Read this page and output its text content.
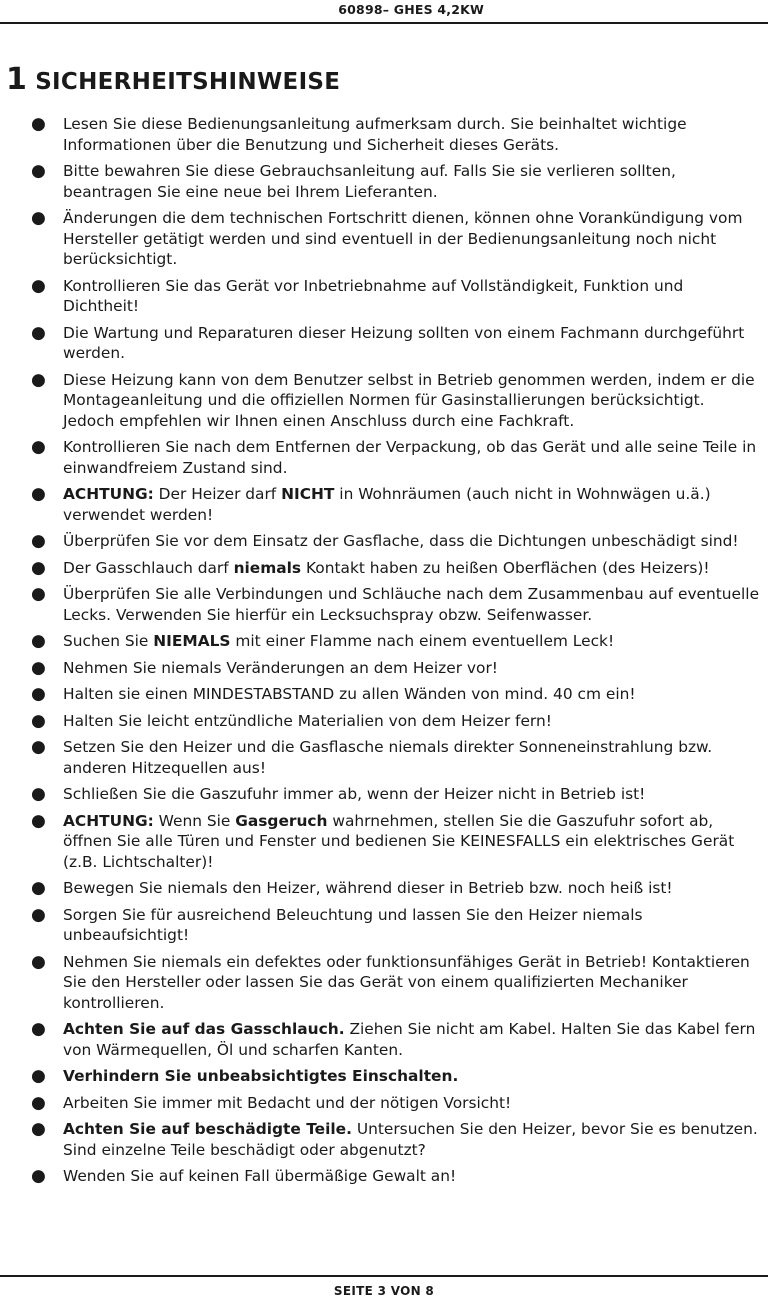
60898– GHES 4,2KW
1 SICHERHEITSHINWEISE
● Lesen Sie diese Bedienungsanleitung aufmerksam durch. Sie beinhaltet wichtige Informationen über die Benutzung und Sicherheit dieses Geräts.
● Bitte bewahren Sie diese Gebrauchsanleitung auf. Falls Sie sie verlieren sollten, beantragen Sie eine neue bei Ihrem Lieferanten.
● Änderungen die dem technischen Fortschritt dienen, können ohne Vorankündigung vom Hersteller getätigt werden und sind eventuell in der Bedienungsanleitung noch nicht berücksichtigt.
● Kontrollieren Sie das Gerät vor Inbetriebnahme auf Vollständigkeit, Funktion und Dichtheit!
● Die Wartung und Reparaturen dieser Heizung sollten von einem Fachmann durchgeführt werden.
● Diese Heizung kann von dem Benutzer selbst in Betrieb genommen werden, indem er die Montageanleitung und die offiziellen Normen für Gasinstallierungen berücksichtigt. Jedoch empfehlen wir Ihnen einen Anschluss durch eine Fachkraft.
● Kontrollieren Sie nach dem Entfernen der Verpackung, ob das Gerät und alle seine Teile in einwandfreiem Zustand sind.
● ACHTUNG: Der Heizer darf NICHT in Wohnräumen (auch nicht in Wohnwägen u.ä.) verwendet werden!
● Überprüfen Sie vor dem Einsatz der Gasflache, dass die Dichtungen unbeschädigt sind!
● Der Gasschlauch darf niemals Kontakt haben zu heißen Oberflächen (des Heizers)!
● Überprüfen Sie alle Verbindungen und Schläuche nach dem Zusammenbau auf eventuelle Lecks. Verwenden Sie hierfür ein Lecksuchspray obzw. Seifenwasser.
● Suchen Sie NIEMALS mit einer Flamme nach einem eventuellem Leck!
● Nehmen Sie niemals Veränderungen an dem Heizer vor!
● Halten sie einen MINDESTABSTAND zu allen Wänden von mind. 40 cm ein!
● Halten Sie leicht entzündliche Materialien von dem Heizer fern!
● Setzen Sie den Heizer und die Gasflasche niemals direkter Sonneneinstrahlung bzw. anderen Hitzequellen aus!
● Schließen Sie die Gaszufuhr immer ab, wenn der Heizer nicht in Betrieb ist!
● ACHTUNG: Wenn Sie Gasgeruch wahrnehmen, stellen Sie die Gaszufuhr sofort ab, öffnen Sie alle Türen und Fenster und bedienen Sie KEINESFALLS ein elektrisches Gerät (z.B. Lichtschalter)!
● Bewegen Sie niemals den Heizer, während dieser in Betrieb bzw. noch heiß ist!
● Sorgen Sie für ausreichend Beleuchtung und lassen Sie den Heizer niemals unbeaufsichtigt!
● Nehmen Sie niemals ein defektes oder funktionsunfähiges Gerät in Betrieb! Kontaktieren Sie den Hersteller oder lassen Sie das Gerät von einem qualifizierten Mechaniker kontrollieren.
● Achten Sie auf das Gasschlauch. Ziehen Sie nicht am Kabel. Halten Sie das Kabel fern von Wärmequellen, Öl und scharfen Kanten.
● Verhindern Sie unbeabsichtigtes Einschalten.
● Arbeiten Sie immer mit Bedacht und der nötigen Vorsicht!
● Achten Sie auf beschädigte Teile. Untersuchen Sie den Heizer, bevor Sie es benutzen. Sind einzelne Teile beschädigt oder abgenutzt?
● Wenden Sie auf keinen Fall übermäßige Gewalt an!
SEITE 3 VON 8
